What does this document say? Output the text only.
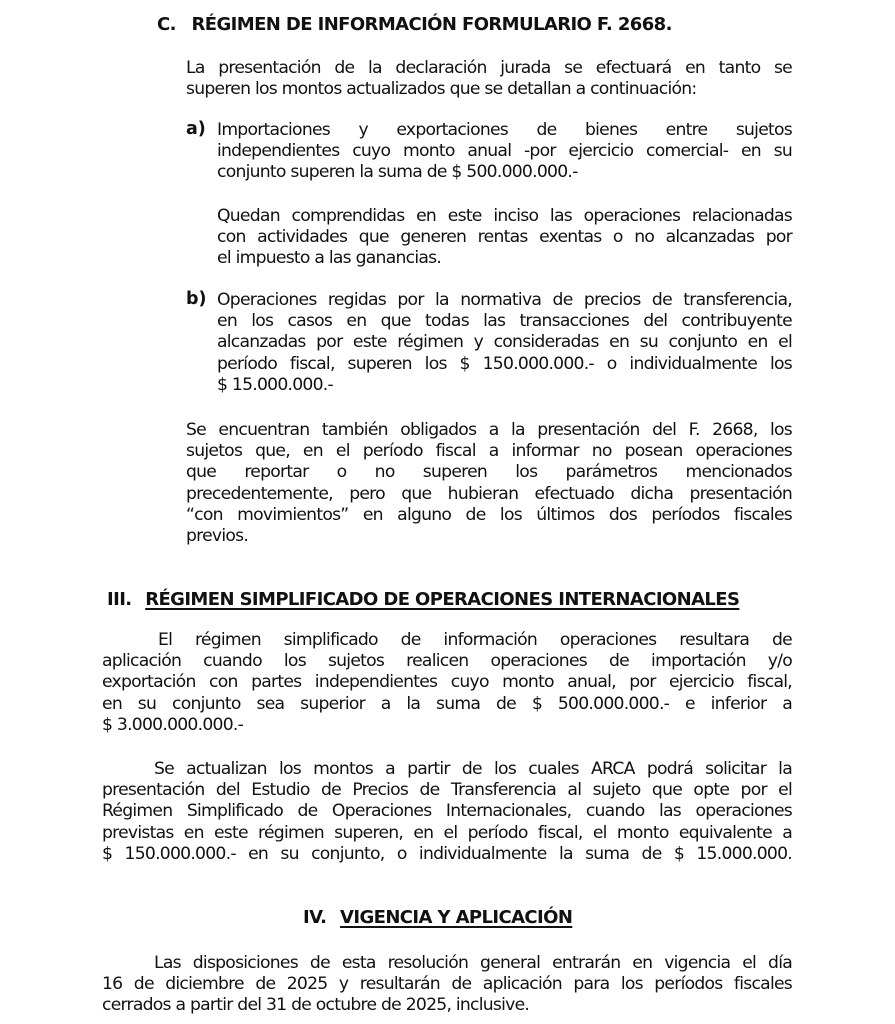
C. RÉGIMEN DE INFORMACIÓN FORMULARIO F. 2668.
La presentación de la declaración jurada se efectuará en tanto se
superen los montos actualizados que se detallan a continuación:
a) Importaciones y exportaciones de bienes entre sujetos
independientes cuyo monto anual -por ejercicio comercial- en su
conjunto superen la suma de $ 500.000.000.-
Quedan comprendidas en este inciso las operaciones relacionadas
con actividades que generen rentas exentas o no alcanzadas por
el impuesto a las ganancias.
b) Operaciones regidas por la normativa de precios de transferencia,
en los casos en que todas las transacciones del contribuyente
alcanzadas por este régimen y consideradas en su conjunto en el
período fiscal, superen los $ 150.000.000.- o individualmente los
$ 15.000.000.-
Se encuentran también obligados a la presentación del F. 2668, los
sujetos que, en el período fiscal a informar no posean operaciones
que reportar o no superen los parámetros mencionados
precedentemente, pero que hubieran efectuado dicha presentación
“con movimientos” en alguno de los últimos dos períodos fiscales
previos.
III. RÉGIMEN SIMPLIFICADO DE OPERACIONES INTERNACIONALES
El régimen simplificado de información operaciones resultara de
aplicación cuando los sujetos realicen operaciones de importación y/o
exportación con partes independientes cuyo monto anual, por ejercicio fiscal,
en su conjunto sea superior a la suma de $ 500.000.000.- e inferior a
$ 3.000.000.000.-
Se actualizan los montos a partir de los cuales ARCA podrá solicitar la
presentación del Estudio de Precios de Transferencia al sujeto que opte por el
Régimen Simplificado de Operaciones Internacionales, cuando las operaciones
previstas en este régimen superen, en el período fiscal, el monto equivalente a
$ 150.000.000.- en su conjunto, o individualmente la suma de $ 15.000.000.
IV. VIGENCIA Y APLICACIÓN
Las disposiciones de esta resolución general entrarán en vigencia el día
16 de diciembre de 2025 y resultarán de aplicación para los períodos fiscales
cerrados a partir del 31 de octubre de 2025, inclusive.
